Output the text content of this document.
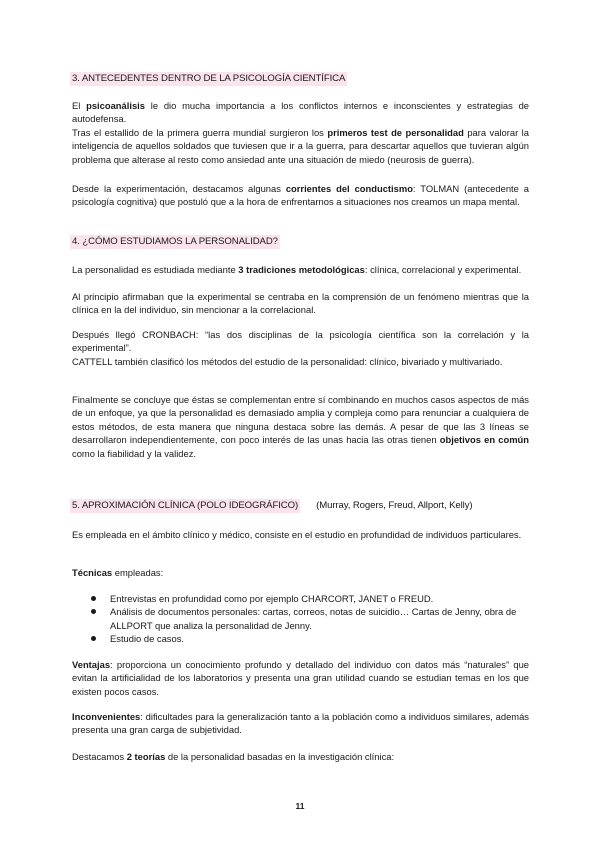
3. ANTECEDENTES DENTRO DE LA PSICOLOGÍA CIENTÍFICA

El psicoanálisis le dio mucha importancia a los conflictos internos e inconscientes y estrategias de autodefensa.

Tras el estallido de la primera guerra mundial surgieron los primeros test de personalidad para valorar la inteligencia de aquellos soldados que tuviesen que ir a la guerra, para descartar aquellos que tuvieran algún problema que alterase al resto como ansiedad ante una situación de miedo (neurosis de guerra).

Desde la experimentación, destacamos algunas corrientes del conductismo: TOLMAN (antecedente a psicología cognitiva) que postuló que a la hora de enfrentarnos a situaciones nos creamos un mapa mental.

4. ¿CÓMO ESTUDIAMOS LA PERSONALIDAD?

La personalidad es estudiada mediante 3 tradiciones metodológicas: clínica, correlacional y experimental.

Al principio afirmaban que la experimental se centraba en la comprensión de un fenómeno mientras que la clínica en la del individuo, sin mencionar a la correlacional.

Después llegó CRONBACH: “las dos disciplinas de la psicología científica son la correlación y la experimental”.

CATTELL también clasificó los métodos del estudio de la personalidad: clínico, bivariado y multivariado.

Finalmente se concluye que éstas se complementan entre sí combinando en muchos casos aspectos de más de un enfoque, ya que la personalidad es demasiado amplia y compleja como para renunciar a cualquiera de estos métodos, de esta manera que ninguna destaca sobre las demás. A pesar de que las 3 líneas se desarrollaron independientemente, con poco interés de las unas hacia las otras tienen objetivos en común como la fiabilidad y la validez.

5. APROXIMACIÓN CLÍNICA (POLO IDEOGRÁFICO) (Murray, Rogers, Freud, Allport, Kelly)

Es empleada en el ámbito clínico y médico, consiste en el estudio en profundidad de individuos particulares.

Técnicas empleadas:

Entrevistas en profundidad como por ejemplo CHARCORT, JANET o FREUD.
Análisis de documentos personales: cartas, correos, notas de suicidio… Cartas de Jenny, obra de ALLPORT que analiza la personalidad de Jenny.
Estudio de casos.

Ventajas: proporciona un conocimiento profundo y detallado del individuo con datos más “naturales” que evitan la artificialidad de los laboratorios y presenta una gran utilidad cuando se estudian temas en los que existen pocos casos.

Inconvenientes: dificultades para la generalización tanto a la población como a individuos similares, además presenta una gran carga de subjetividad.

Destacamos 2 teorías de la personalidad basadas en la investigación clínica:

11
